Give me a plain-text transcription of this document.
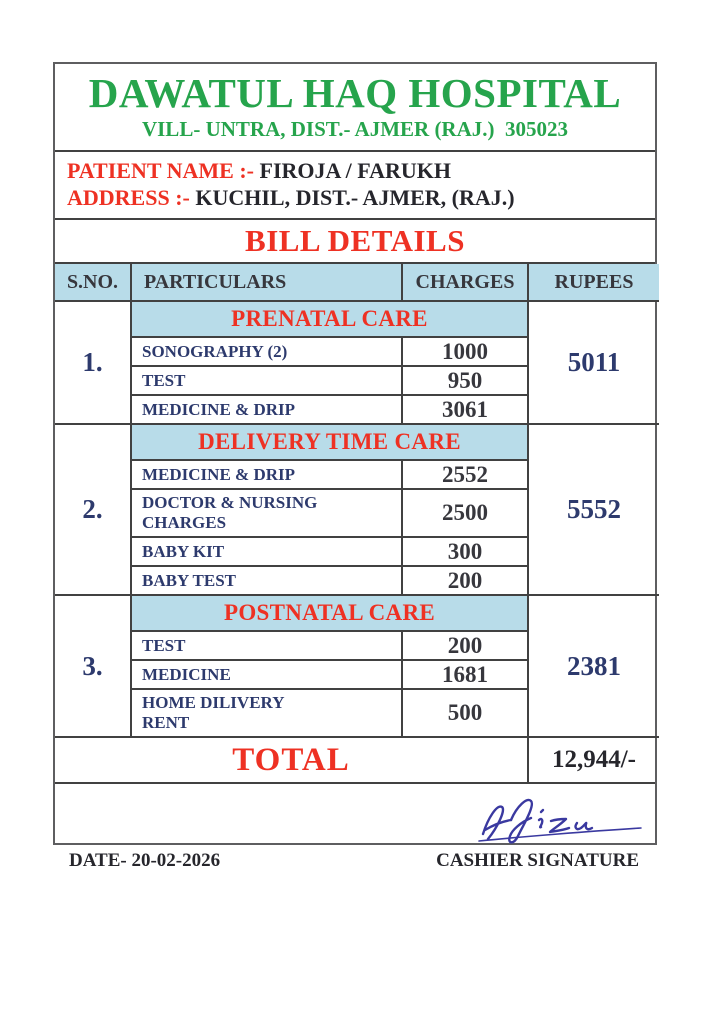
DAWATUL HAQ HOSPITAL
VILL- UNTRA, DIST.- AJMER (RAJ.)  305023
PATIENT NAME :- FIROJA / FARUKH
ADDRESS :- KUCHIL, DIST.- AJMER, (RAJ.)
BILL DETAILS
S.NO.	PARTICULARS	CHARGES	RUPEES
1.	PRENATAL CARE		5011
	SONOGRAPHY (2)	1000	
	TEST	950	
	MEDICINE & DRIP	3061	
2.	DELIVERY TIME CARE		5552
	MEDICINE & DRIP	2552	
	DOCTOR & NURSING CHARGES	2500	
	BABY KIT	300	
	BABY TEST	200	
3.	POSTNATAL CARE		2381
	TEST	200	
	MEDICINE	1681	
	HOME DILIVERY RENT	500	
TOTAL			12,944/-
DATE- 20-02-2026	CASHIER SIGNATURE
